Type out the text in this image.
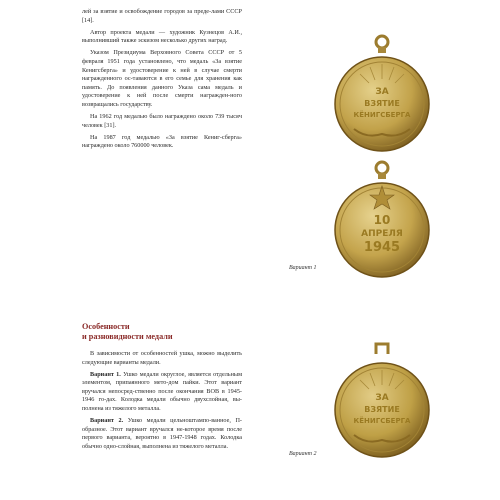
лей за взятие и освобождение городов за преде-лами СССР [14].

Автор проекта медали — художник Кузнецов А.И., выполнивший также эскизом несколько других наград.

Указом Президиума Верховного Совета СССР от 5 февраля 1951 года установлено, что медаль «За взятие Кенигсберга» и удостоверение к ней в случае смерти награжденного ос-таваются в его семье для хранения как память. До появления данного Указа сама медаль и удостоверение к ней после смерти награжден-ного возвращались государству.

На 1962 год медалью было награждено около 739 тысяч человек [31].

На 1987 год медалью «За взятие Кениг-сберга» награждено около 760000 человек.

Особенности
и разновидности медали

В зависимости от особенностей ушка, можно выделить следующие варианты медали.

Вариант 1. Ушко медали округлое, является отдельным элементом, припаянного мето-дом пайки. Этот вариант вручался непосред-ственно после окончания ВОВ в 1945-1946 го-дах. Колодка медали обычно двухслойная, вы-полнена из тяжелого металла.

Вариант 2. Ушко медали цельноштампо-ванное, П-образное. Этот вариант вручался не-которое время после первого варианта, вероятно в 1947-1948 годах. Колодка обычно одно-слойная, выполнена из тяжелого металла.

ЗА
ВЗЯТИЕ
КЁНИГСБЕРГА
10
АПРЕЛЯ
1945
ЗА
ВЗЯТИЕ
КЁНИГСБЕРГА
Вариант 1
Вариант 2
